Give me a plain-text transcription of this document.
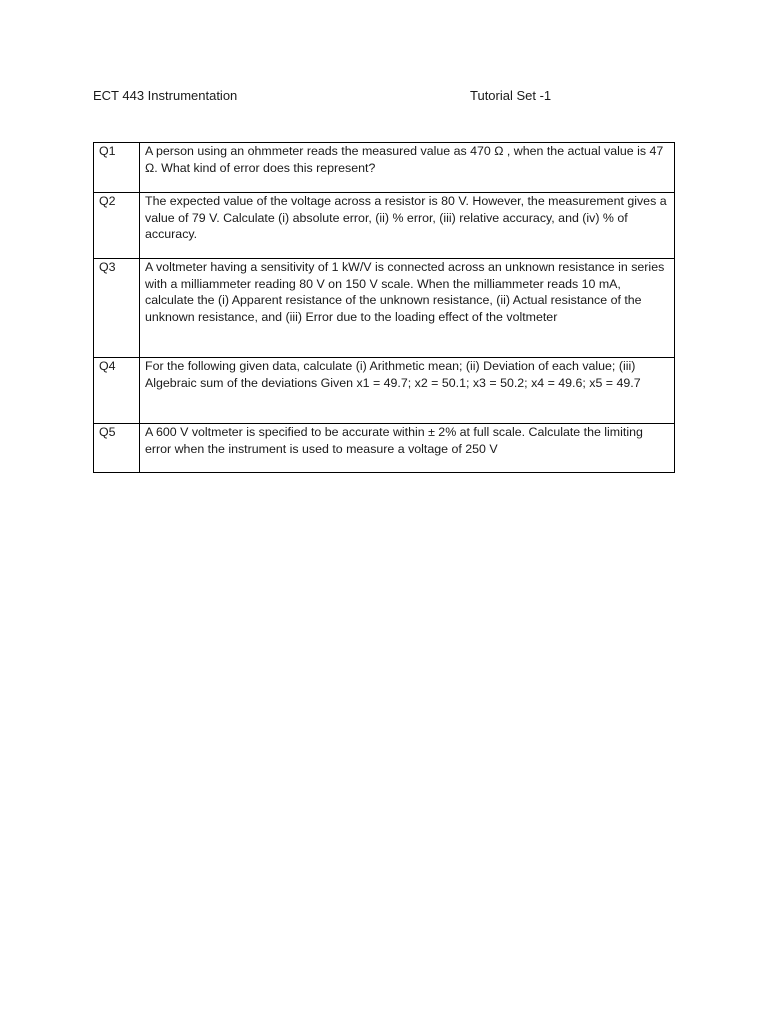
ECT 443 Instrumentation	Tutorial Set -1
Q1	A person using an ohmmeter reads the measured value as 470 Ω , when the actual value is 47 Ω. What kind of error does this represent?
Q2	The expected value of the voltage across a resistor is 80 V. However, the measurement gives a value of 79 V. Calculate (i) absolute error, (ii) % error, (iii) relative accuracy, and (iv) % of accuracy.
Q3	A voltmeter having a sensitivity of 1 kW/V is connected across an unknown resistance in series with a milliammeter reading 80 V on 150 V scale. When the milliammeter reads 10 mA, calculate the (i) Apparent resistance of the unknown resistance, (ii) Actual resistance of the unknown resistance, and (iii) Error due to the loading effect of the voltmeter
Q4	For the following given data, calculate (i) Arithmetic mean; (ii) Deviation of each value; (iii) Algebraic sum of the deviations Given x1 = 49.7; x2 = 50.1; x3 = 50.2; x4 = 49.6; x5 = 49.7
Q5	A 600 V voltmeter is specified to be accurate within ± 2% at full scale. Calculate the limiting error when the instrument is used to measure a voltage of 250 V
